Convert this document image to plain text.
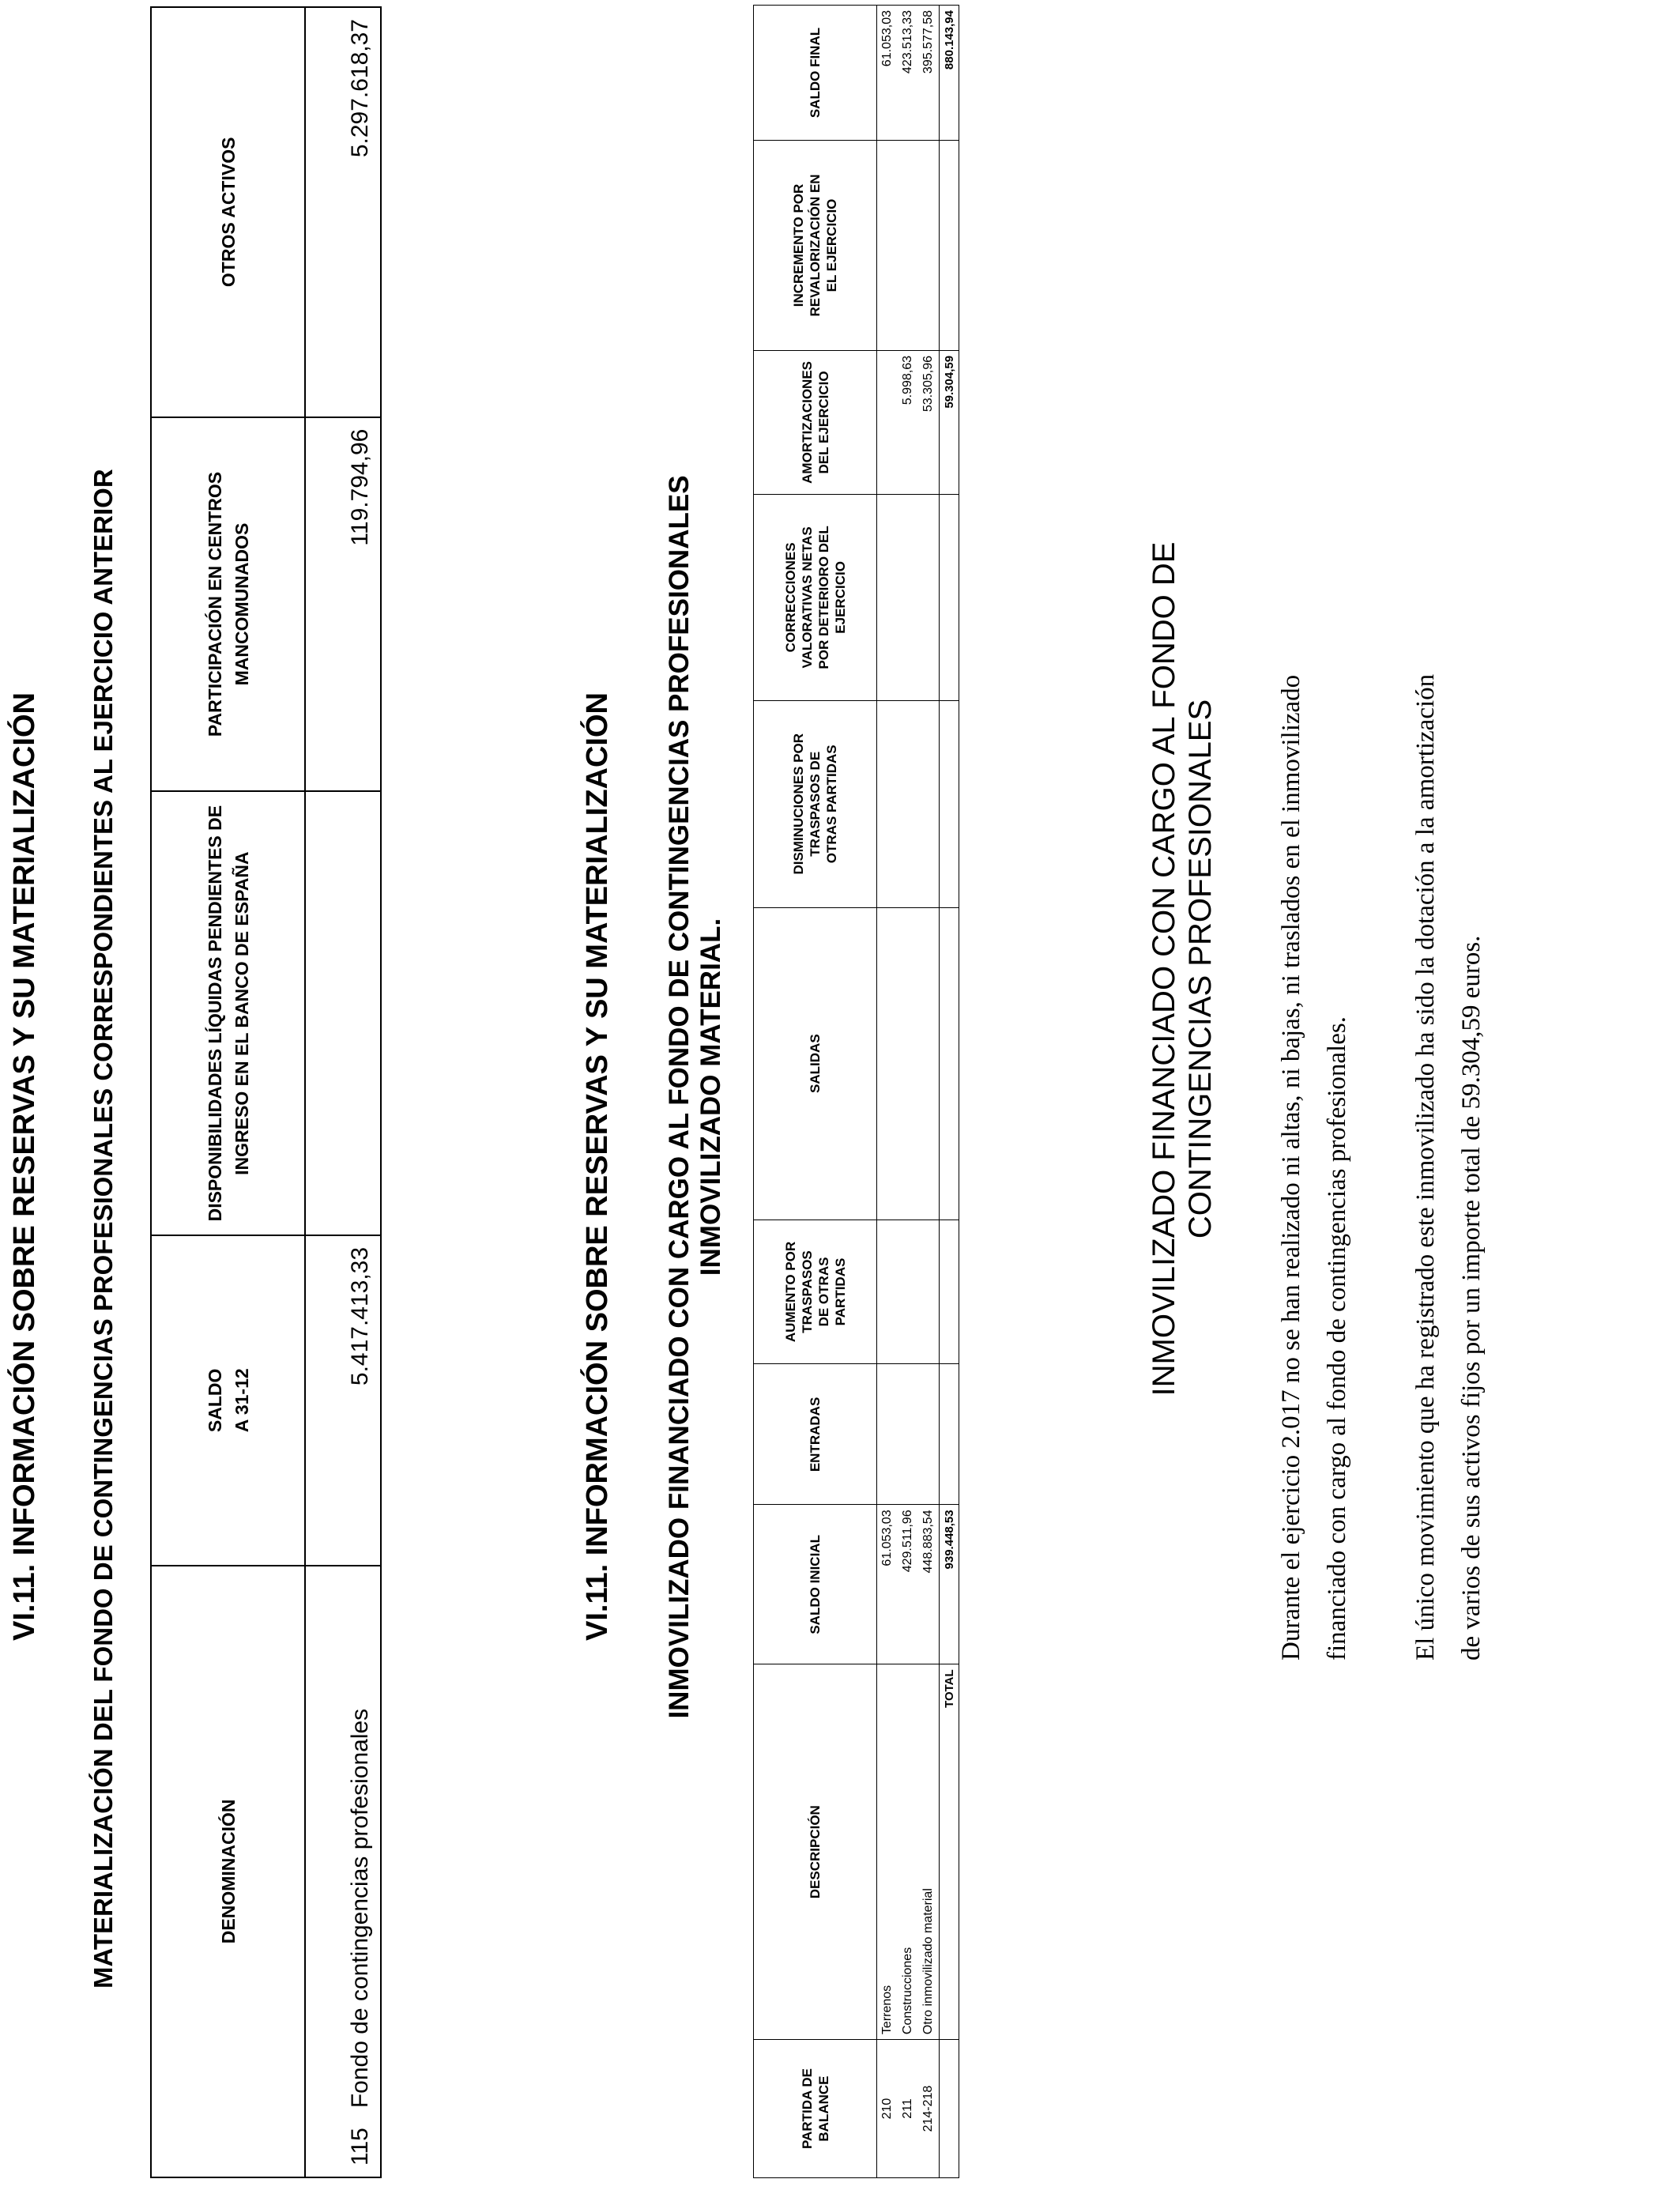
VI.11. INFORMACIÓN SOBRE RESERVAS Y SU MATERIALIZACIÓN MATERIALIZACIÓN DEL FONDO DE CONTINGENCIAS PROFESIONALES CORRESPONDIENTES AL EJERCICIO ANTERIOR	DENOMINACIÓN	SALDO A 31-12	DISPONIBILIDADES LÍQUIDAS PENDIENTES DE INGRESO EN EL BANCO DE ESPAÑA	PARTICIPACIÓN EN CENTROS MANCOMUNADOS	OTROS ACTIVOS
115   Fondo de contingencias profesionales	5.417.413,33		119.794,96	5.297.618,37
VI.11. INFORMACIÓN SOBRE RESERVAS Y SU MATERIALIZACIÓN INMOVILIZADO FINANCIADO CON CARGO AL FONDO DE CONTINGENCIAS PROFESIONALES INMOVILIZADO MATERIAL.
PARTIDA DE BALANCE	DESCRIPCIÓN	SALDO INICIAL	ENTRADAS	AUMENTO POR TRASPASOS DE OTRAS PARTIDAS	SALIDAS	DISMINUCIONES POR TRASPASOS DE OTRAS PARTIDAS	CORRECCIONES VALORATIVAS NETAS POR DETERIORO DEL EJERCICIO	AMORTIZACIONES DEL EJERCICIO	INCREMENTO POR REVALORIZACIÓN EN EL EJERCICIO	SALDO FINAL
210	Terrenos	61.053,03								61.053,03
211	Construcciones	429.511,96						5.998,63		423.513,33
214-218	Otro inmovilizado material	448.883,54						53.305,96		395.577,58
	TOTAL	939.448,53						59.304,59		880.143,94
INMOVILIZADO FINANCIADO CON CARGO AL FONDO DE CONTINGENCIAS PROFESIONALES	Durante el ejercicio 2.017 no se han realizado ni altas, ni bajas, ni traslados en el inmovilizado financiado con cargo al fondo de contingencias profesionales.	El único movimiento que ha registrado este inmovilizado ha sido la dotación a la amortización de varios de sus activos fijos por un importe total de 59.304,59 euros.
